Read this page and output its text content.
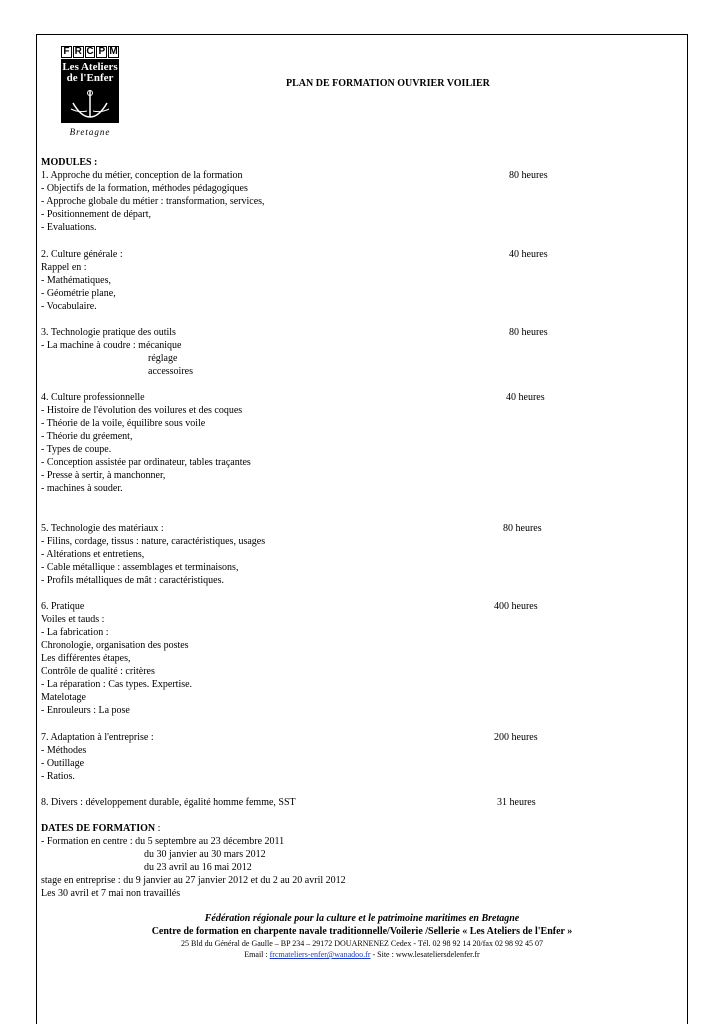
F R C P M
Les Ateliers
de l'Enfer
Bretagne
PLAN DE FORMATION OUVRIER VOILIER
MODULES :
1. Approche du métier, conception de la formation
- Objectifs de la formation, méthodes pédagogiques
- Approche globale du métier : transformation, services,
- Positionnement de départ,
- Evaluations.
80 heures
2. Culture générale :
Rappel en :
- Mathématiques,
- Géométrie plane,
- Vocabulaire.
40 heures
3. Technologie pratique des outils
- La machine à coudre : mécanique
réglage
accessoires
80 heures
4. Culture professionnelle
- Histoire de l'évolution des voilures et des coques
- Théorie de la voile, équilibre sous voile
- Théorie du gréement,
- Types de coupe.
- Conception assistée par ordinateur, tables traçantes
- Presse à sertir, à manchonner,
- machines à souder.
40 heures
5. Technologie des matériaux :
- Filins, cordage, tissus : nature, caractéristiques, usages
- Altérations et entretiens,
- Cable métallique : assemblages et terminaisons,
- Profils métalliques de mât : caractéristiques.
80 heures
6. Pratique
Voiles et tauds :
- La fabrication :
Chronologie, organisation des postes
Les différentes étapes,
Contrôle de qualité : critères
- La réparation : Cas types. Expertise.
Matelotage
- Enrouleurs : La pose
400 heures
7. Adaptation à l'entreprise :
- Méthodes
- Outillage
- Ratios.
200 heures
8. Divers : développement durable, égalité homme femme, SST	31 heures
DATES DE FORMATION :
- Formation en centre : du 5 septembre au 23 décembre 2011
du 30 janvier au 30 mars 2012
du 23 avril au 16 mai 2012
stage en entreprise : du 9 janvier au 27 janvier 2012 et du 2 au 20 avril 2012
Les 30 avril et 7 mai non travaillés
Fédération régionale pour la culture et le patrimoine maritimes en Bretagne
Centre de formation en charpente navale traditionnelle/Voilerie /Sellerie « Les Ateliers de l'Enfer »
25 Bld du Général de Gaulle – BP 234 – 29172 DOUARNENEZ Cedex - Tél. 02 98 92 14 20/fax 02 98 92 45 07
Email : frcmateliers-enfer@wanadoo.fr - Site : www.lesateliersdelenfer.fr
